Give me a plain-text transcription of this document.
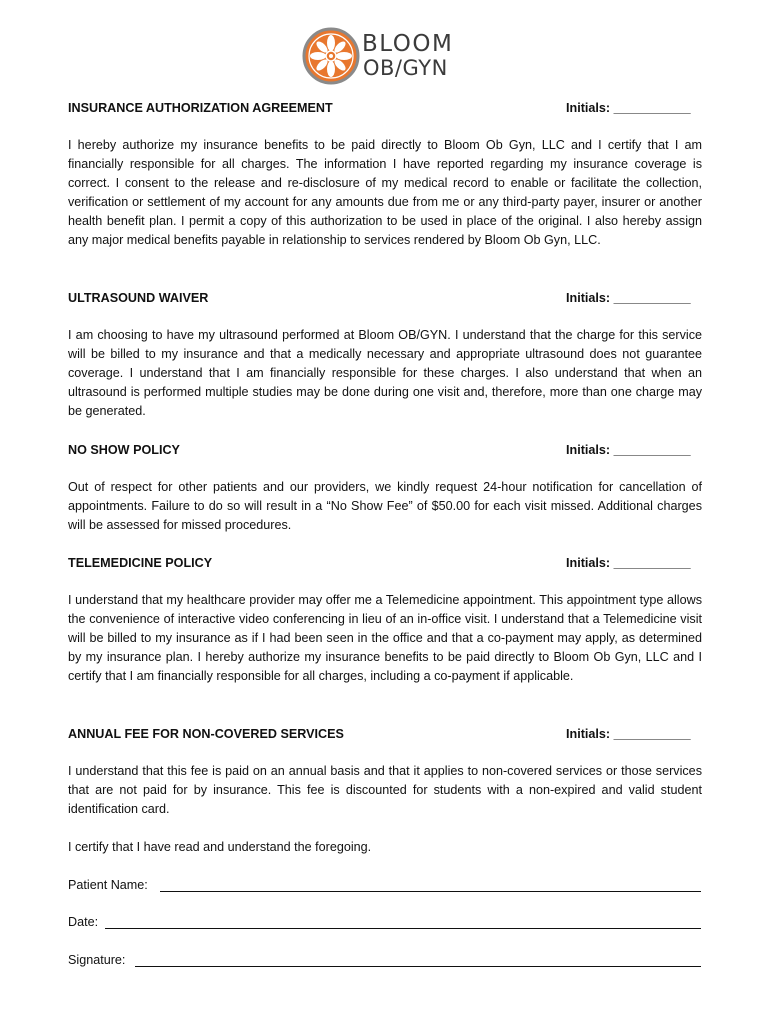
BLOOM
OB/GYN
INSURANCE AUTHORIZATION AGREEMENT	Initials: ___________

I hereby authorize my insurance benefits to be paid directly to Bloom Ob Gyn, LLC and I certify that I am financially responsible for all charges. The information I have reported regarding my insurance coverage is correct. I consent to the release and re-disclosure of my medical record to enable or facilitate the collection, verification or settlement of my account for any amounts due from me or any third-party payer, insurer or another health benefit plan. I permit a copy of this authorization to be used in place of the original. I also hereby assign any major medical benefits payable in relationship to services rendered by Bloom Ob Gyn, LLC.

ULTRASOUND WAIVER	Initials: ___________

I am choosing to have my ultrasound performed at Bloom OB/GYN. I understand that the charge for this service will be billed to my insurance and that a medically necessary and appropriate ultrasound does not guarantee coverage. I understand that I am financially responsible for these charges. I also understand that when an ultrasound is performed multiple studies may be done during one visit and, therefore, more than one charge may be generated.

NO SHOW POLICY	Initials: ___________

Out of respect for other patients and our providers, we kindly request 24-hour notification for cancellation of appointments. Failure to do so will result in a “No Show Fee” of $50.00 for each visit missed. Additional charges will be assessed for missed procedures.

TELEMEDICINE POLICY	Initials: ___________

I understand that my healthcare provider may offer me a Telemedicine appointment. This appointment type allows the convenience of interactive video conferencing in lieu of an in-office visit. I understand that a Telemedicine visit will be billed to my insurance as if I had been seen in the office and that a co-payment may apply, as determined by my insurance plan. I hereby authorize my insurance benefits to be paid directly to Bloom Ob Gyn, LLC and I certify that I am financially responsible for all charges, including a co-payment if applicable.

ANNUAL FEE FOR NON-COVERED SERVICES	Initials: ___________

I understand that this fee is paid on an annual basis and that it applies to non-covered services or those services that are not paid for by insurance. This fee is discounted for students with a non-expired and valid student identification card.

I certify that I have read and understand the foregoing.

Patient Name:
Date:
Signature:
